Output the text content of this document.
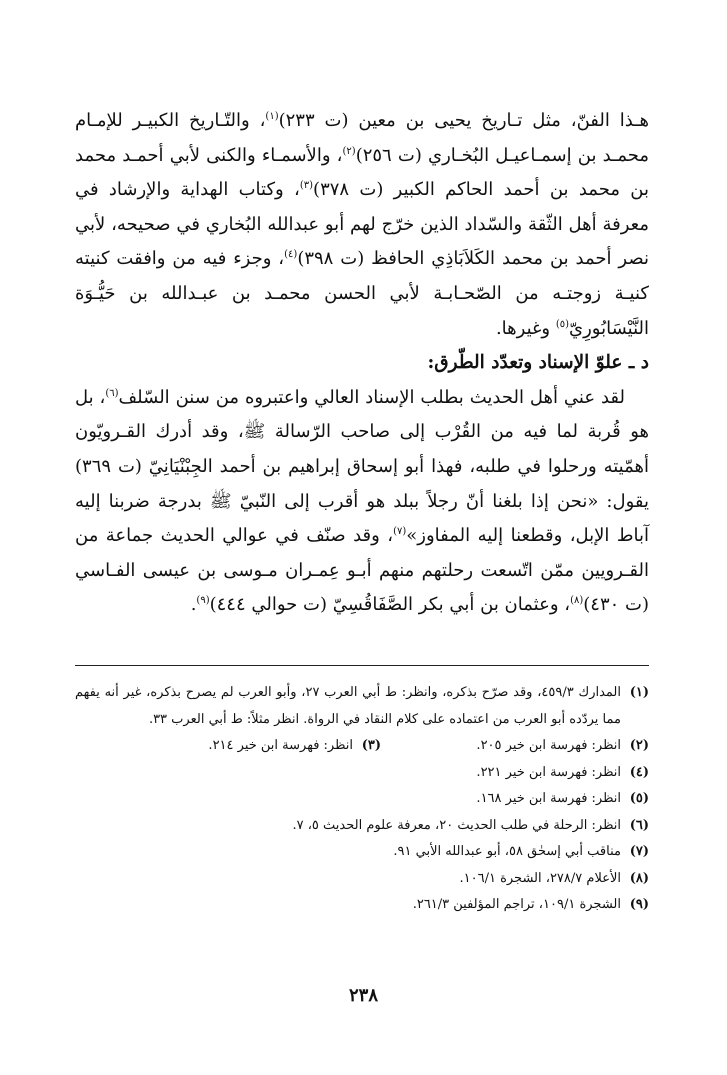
هـذا الفنّ، مثل تـاريخ يحيى بن معين (ت ٢٣٣)$^{(١)}$، والتّـاريخ الكبيـر للإمـام محمـد بن إسمـاعيـل البُخـاري (ت ٢٥٦)$^{(٢)}$، والأسمـاء والكنى لأبي أحمـد محمد بن محمد بن أحمد الحاكم الكبير (ت ٣٧٨)$^{(٣)}$، وكتاب الهداية والإرشاد في معرفة أهل الثّقة والسّداد الذين خرّج لهم أبو عبدالله البُخاري في صحيحه، لأبي نصر أحمد بن محمد الكَلاَبَاذِي الحافظ (ت ٣٩٨)$^{(٤)}$، وجزء فيه من وافقت كنيته كنيـة زوجتـه من الصّحـابـة لأبي الحسن محمـد بن عبـدالله بن حَيُّـوَة النَّيْسَابُورِيّ$^{(٥)}$ وغيرها.

د ـ علوّ الإسناد وتعدّد الطّرق:

لقد عني أهل الحديث بطلب الإسناد العالي واعتبروه من سنن السّلف$^{(٦)}$، بل هو قُربة لما فيه من القُرْب إلى صاحب الرّسالة ﷺ، وقد أدرك القـرويّون أهمّيته ورحلوا في طلبه، فهذا أبو إسحاق إبراهيم بن أحمد الجِبْنْيَانِيّ (ت ٣٦٩) يقول: «نحن إذا بلغنا أنّ رجلاً ببلد هو أقرب إلى النّبيّ ﷺ بدرجة ضربنا إليه آباط الإبل، وقطعنا إليه المفاوز»$^{(٧)}$، وقد صنّف في عوالي الحديث جماعة من القـرويين ممّن اتّسعت رحلتهم منهم أبـو عِمـران مـوسى بن عيسى الفـاسي (ت ٤٣٠)$^{(٨)}$، وعثمان بن أبي بكر الصَّفَاقُسِيّ (ت حوالي ٤٤٤)$^{(٩)}$.

(١)
المدارك ٤٥٩/٣، وقد صرّح بذكره، وانظر: ط أبي العرب ٢٧، وأبو العرب لم يصرح بذكره، غير أنه يفهم مما يردّده أبو العرب من اعتماده على كلام النقاد في الرواة. انظر مثلاً: ط أبي العرب ٣٣.
(٢)
انظر: فهرسة ابن خير ٢٠٥.
(٣)
انظر: فهرسة ابن خير ٢١٤.
(٤)
انظر: فهرسة ابن خير ٢٢١.
(٥)
انظر: فهرسة ابن خير ١٦٨.
(٦)
انظر: الرحلة في طلب الحديث ٢٠، معرفة علوم الحديث ٥، ٧.
(٧)
مناقب أبي إسحٰق ٥٨، أبو عبدالله الأبي ٩١.
(٨)
الأعلام ٢٧٨/٧، الشجرة ١٠٦/١.
(٩)
الشجرة ١٠٩/١، تراجم المؤلفين ٢٦١/٣.
٢٣٨
